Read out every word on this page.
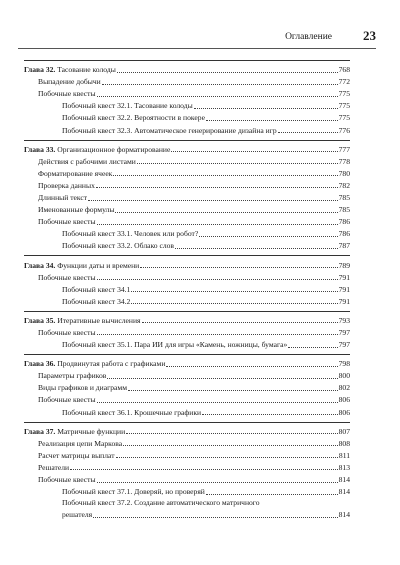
Оглавление 23
Глава 32. Тасование колоды	768
Выпадение добычи	772
Побочные квесты	775
Побочный квест 32.1. Тасование колоды	775
Побочный квест 32.2. Вероятности в покере	775
Побочный квест 32.3. Автоматическое генерирование дизайна игр	776
Глава 33. Организационное форматирование	777
Действия с рабочими листами	778
Форматирование ячеек	780
Проверка данных	782
Длинный текст	785
Именованные формулы	785
Побочные квесты	786
Побочный квест 33.1. Человек или робот?	786
Побочный квест 33.2. Облако слов	787
Глава 34. Функции даты и времени	789
Побочные квесты	791
Побочный квест 34.1	791
Побочный квест 34.2	791
Глава 35. Итеративные вычисления	793
Побочные квесты	797
Побочный квест 35.1. Пара ИИ для игры «Камень, ножницы, бумага»	797
Глава 36. Продвинутая работа с графиками	798
Параметры графиков	800
Виды графиков и диаграмм	802
Побочные квесты	806
Побочный квест 36.1. Крошечные графики	806
Глава 37. Матричные функции	807
Реализация цепи Маркова	808
Расчет матрицы выплат	811
Решатели	813
Побочные квесты	814
Побочный квест 37.1. Доверяй, но проверяй	814
Побочный квест 37.2. Создание автоматического матричного
решателя	814
